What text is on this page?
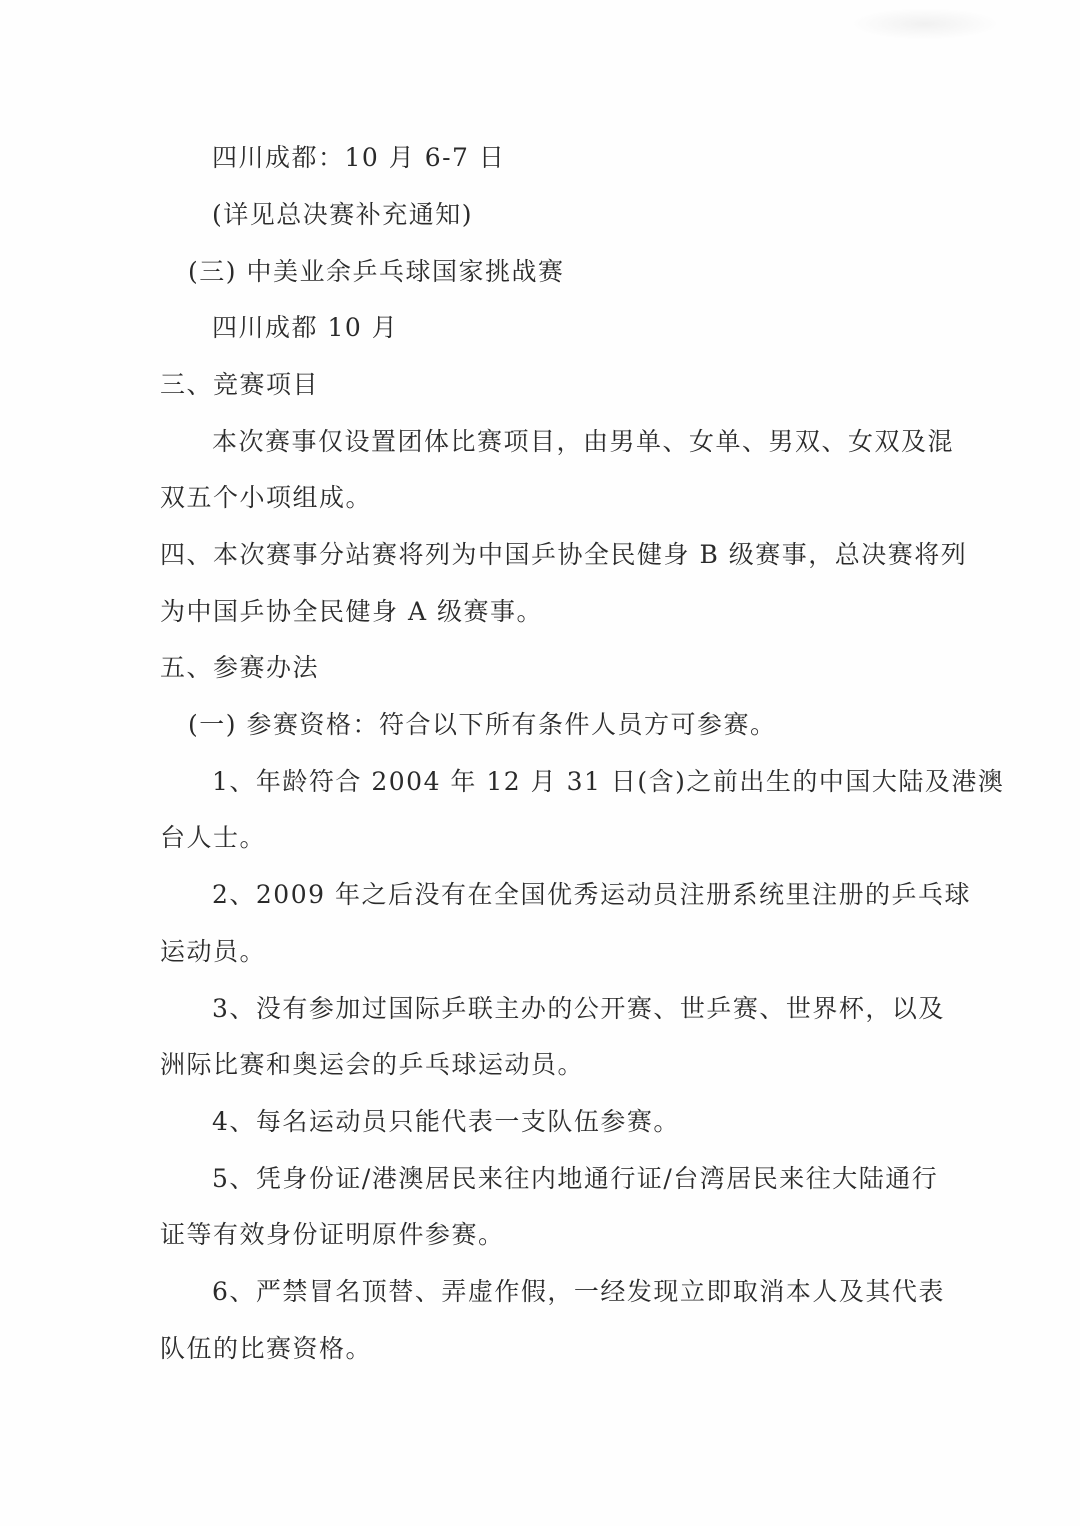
四川成都：10 月 6-7 日
(详见总决赛补充通知)
(三) 中美业余乒乓球国家挑战赛
四川成都 10 月
三、竞赛项目
本次赛事仅设置团体比赛项目，由男单、女单、男双、女双及混
双五个小项组成。
四、本次赛事分站赛将列为中国乒协全民健身 B 级赛事，总决赛将列
为中国乒协全民健身 A 级赛事。
五、参赛办法
(一) 参赛资格：符合以下所有条件人员方可参赛。
1、年龄符合 2004 年 12 月 31 日(含)之前出生的中国大陆及港澳
台人士。
2、2009 年之后没有在全国优秀运动员注册系统里注册的乒乓球
运动员。
3、没有参加过国际乒联主办的公开赛、世乒赛、世界杯，以及
洲际比赛和奥运会的乒乓球运动员。
4、每名运动员只能代表一支队伍参赛。
5、凭身份证/港澳居民来往内地通行证/台湾居民来往大陆通行
证等有效身份证明原件参赛。
6、严禁冒名顶替、弄虚作假，一经发现立即取消本人及其代表
队伍的比赛资格。
